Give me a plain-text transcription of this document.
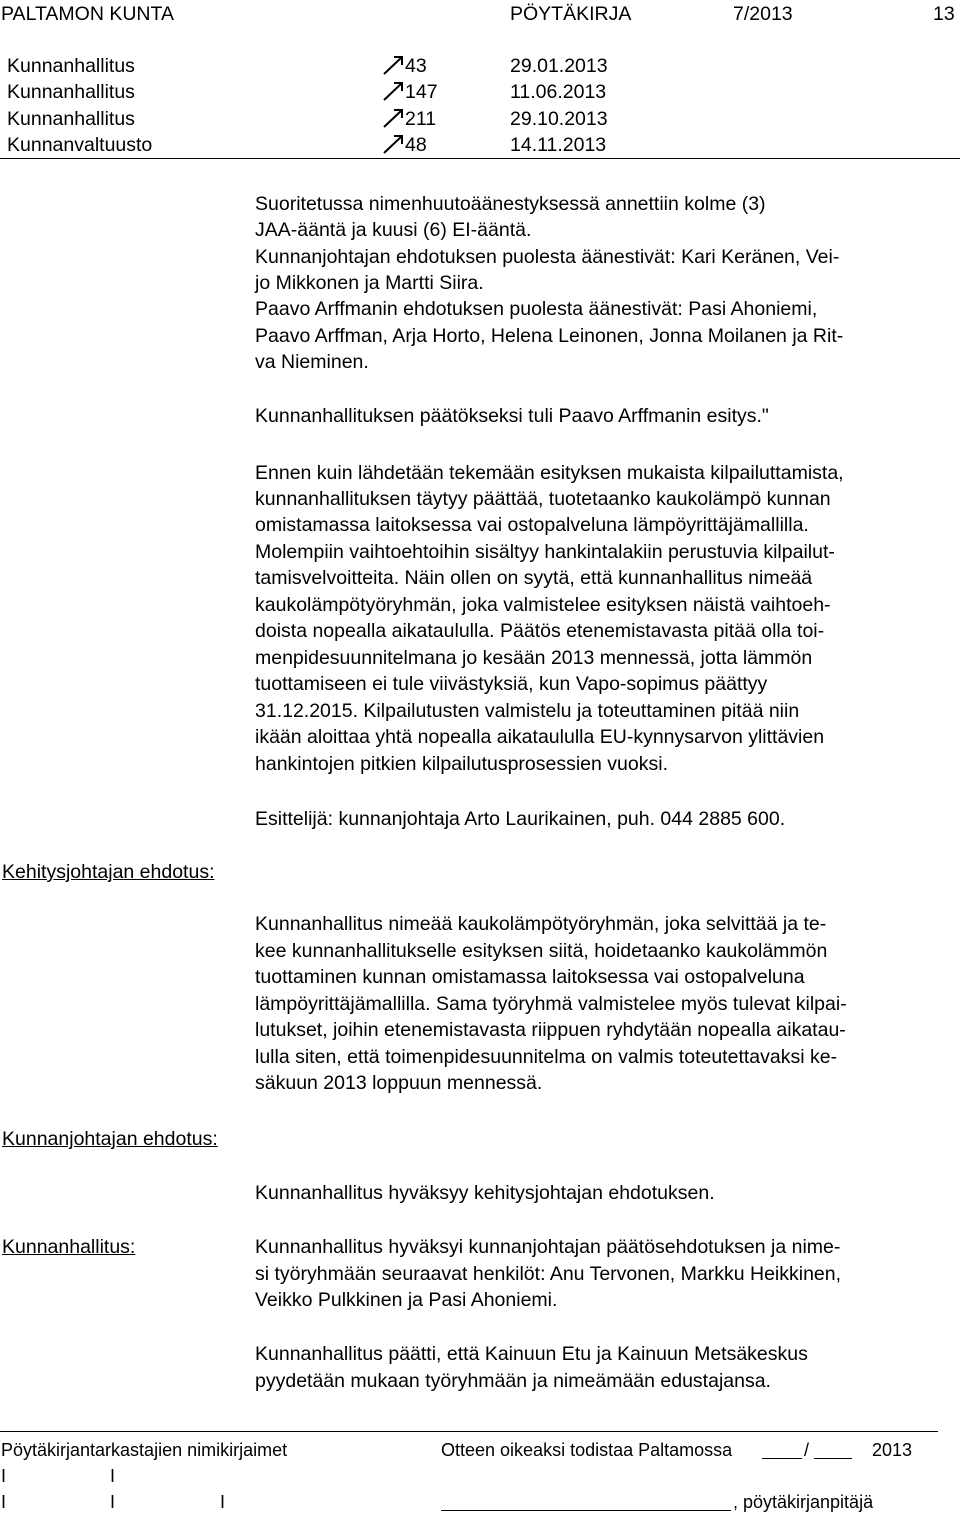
PALTAMON KUNTA	PÖYTÄKIRJA	7/2013	13
Kunnanhallitus	43	29.01.2013
Kunnanhallitus	147	11.06.2013
Kunnanhallitus	211	29.10.2013
Kunnanvaltuusto	48	14.11.2013
Suoritetussa nimenhuutoäänestyksessä annettiin kolme (3)
JAA-ääntä ja kuusi (6) EI-ääntä.
Kunnanjohtajan ehdotuksen puolesta äänestivät: Kari Keränen, Vei-
jo Mikkonen ja Martti Siira.
Paavo Arffmanin ehdotuksen puolesta äänestivät: Pasi Ahoniemi,
Paavo Arffman, Arja Horto, Helena Leinonen, Jonna Moilanen ja Rit-
va Nieminen.
Kunnanhallituksen päätökseksi tuli Paavo Arffmanin esitys."
Ennen kuin lähdetään tekemään esityksen mukaista kilpailuttamista,
kunnanhallituksen täytyy päättää, tuotetaanko kaukolämpö kunnan
omistamassa laitoksessa vai ostopalveluna lämpöyrittäjämallilla.
Molempiin vaihtoehtoihin sisältyy hankintalakiin perustuvia kilpailut-
tamisvelvoitteita. Näin ollen on syytä, että kunnanhallitus nimeää
kaukolämpötyöryhmän, joka valmistelee esityksen näistä vaihtoeh-
doista nopealla aikataululla. Päätös etenemistavasta pitää olla toi-
menpidesuunnitelmana jo kesään 2013 mennessä, jotta lämmön
tuottamiseen ei tule viivästyksiä, kun Vapo-sopimus päättyy
31.12.2015. Kilpailutusten valmistelu ja toteuttaminen pitää niin
ikään aloittaa yhtä nopealla aikataululla EU-kynnysarvon ylittävien
hankintojen pitkien kilpailutusprosessien vuoksi.
Esittelijä: kunnanjohtaja Arto Laurikainen, puh. 044 2885 600.
Kehitysjohtajan ehdotus:
Kunnanhallitus nimeää kaukolämpötyöryhmän, joka selvittää ja te-
kee kunnanhallitukselle esityksen siitä, hoidetaanko kaukolämmön
tuottaminen kunnan omistamassa laitoksessa vai ostopalveluna
lämpöyrittäjämallilla. Sama työryhmä valmistelee myös tulevat kilpai-
lutukset, joihin etenemistavasta riippuen ryhdytään nopealla aikatau-
lulla siten, että toimenpidesuunnitelma on valmis toteutettavaksi ke-
säkuun 2013 loppuun mennessä.
Kunnanjohtajan ehdotus:
Kunnanhallitus hyväksyy kehitysjohtajan ehdotuksen.
Kunnanhallitus:	Kunnanhallitus hyväksyi kunnanjohtajan päätösehdotuksen ja nime-
si työryhmään seuraavat henkilöt: Anu Tervonen, Markku Heikkinen,
Veikko Pulkkinen ja Pasi Ahoniemi.
Kunnanhallitus päätti, että Kainuun Etu ja Kainuun Metsäkeskus
pyydetään mukaan työryhmään ja nimeämään edustajansa.
Pöytäkirjantarkastajien nimikirjaimet	Otteen oikeaksi todistaa Paltamossa	/	2013
I	I
I	I	I	, pöytäkirjanpitäjä
